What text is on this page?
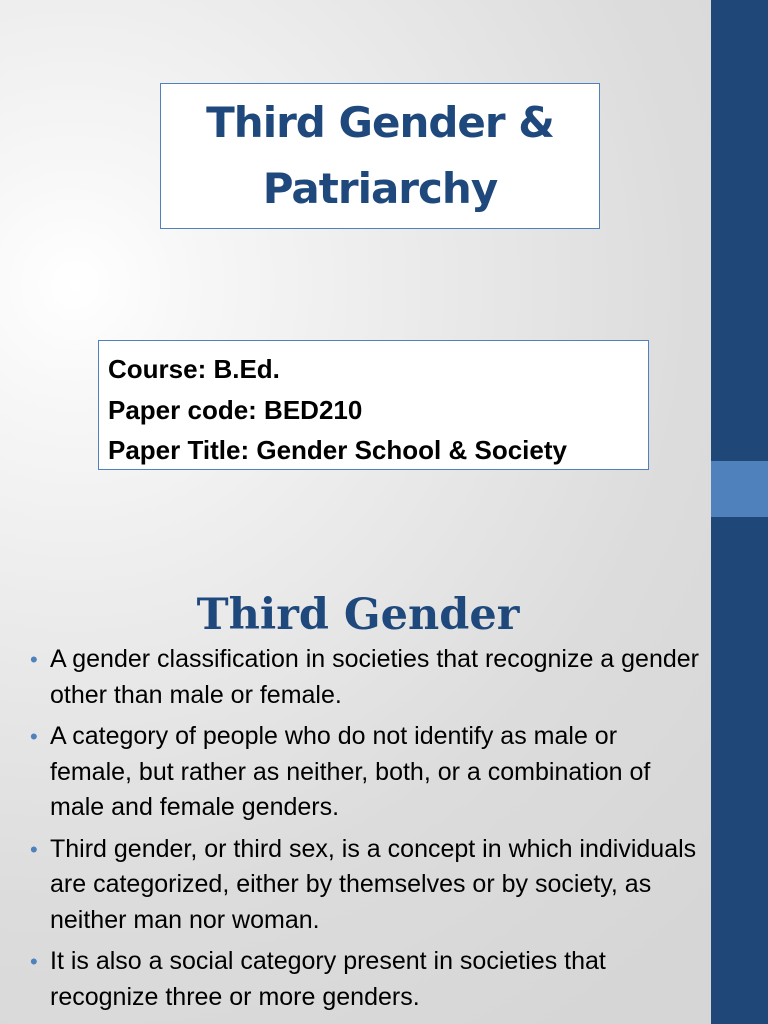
Third Gender & Patriarchy
Course: B.Ed.
Paper code: BED210
Paper Title: Gender School & Society
Third Gender
• A gender classification in societies that recognize a gender other than male or female.
• A category of people who do not identify as male or female, but rather as neither, both, or a combination of male and female genders.
• Third gender, or third sex, is a concept in which individuals are categorized, either by themselves or by society, as neither man nor woman.
• It is also a social category present in societies that recognize three or more genders.
